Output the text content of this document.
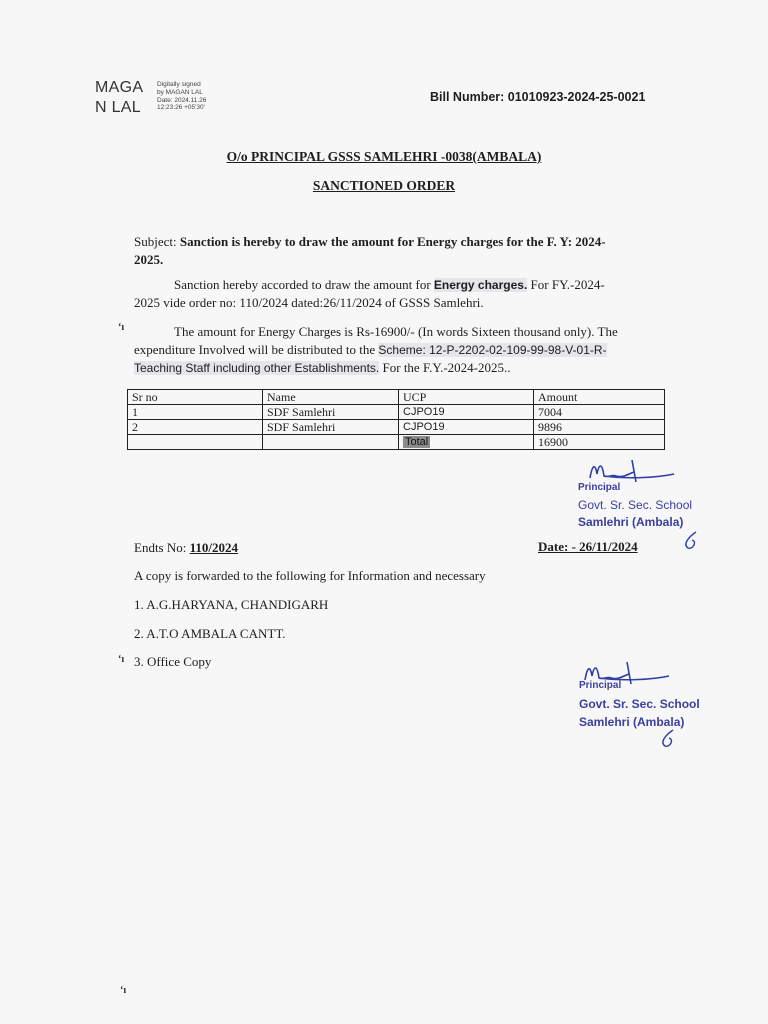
MAGA
N LAL
Digitally signed
by MAGAN LAL
Date: 2024.11.26
12:23:26 +05'30'
Bill Number: 01010923-2024-25-0021
O/o PRINCIPAL GSSS SAMLEHRI -0038(AMBALA)
SANCTIONED ORDER
Subject: Sanction is hereby to draw the amount for Energy charges for the F. Y: 2024-
2025.
Sanction hereby accorded to draw the amount for Energy charges. For FY.-2024-
2025 vide order no: 110/2024 dated:26/11/2024 of GSSS Samlehri.
ʻı	The amount for Energy Charges is Rs-16900/- (In words Sixteen thousand only). The
expenditure Involved will be distributed to the Scheme: 12-P-2202-02-109-99-98-V-01-R-
Teaching Staff including other Establishments. For the F.Y.-2024-2025..
Sr no	Name	UCP	Amount
1	SDF Samlehri	CJPO19	7004
2	SDF Samlehri	CJPO19	9896
		Total	16900
Principal
Govt. Sr. Sec. School
Samlehri (Ambala)
Endts No: 110/2024	Date: - 26/11/2024
A copy is forwarded to the following for Information and necessary
1. A.G.HARYANA, CHANDIGARH
2. A.T.O AMBALA CANTT.
ʻı 3. Office Copy
Principal
Govt. Sr. Sec. School
Samlehri (Ambala)
ʻı
